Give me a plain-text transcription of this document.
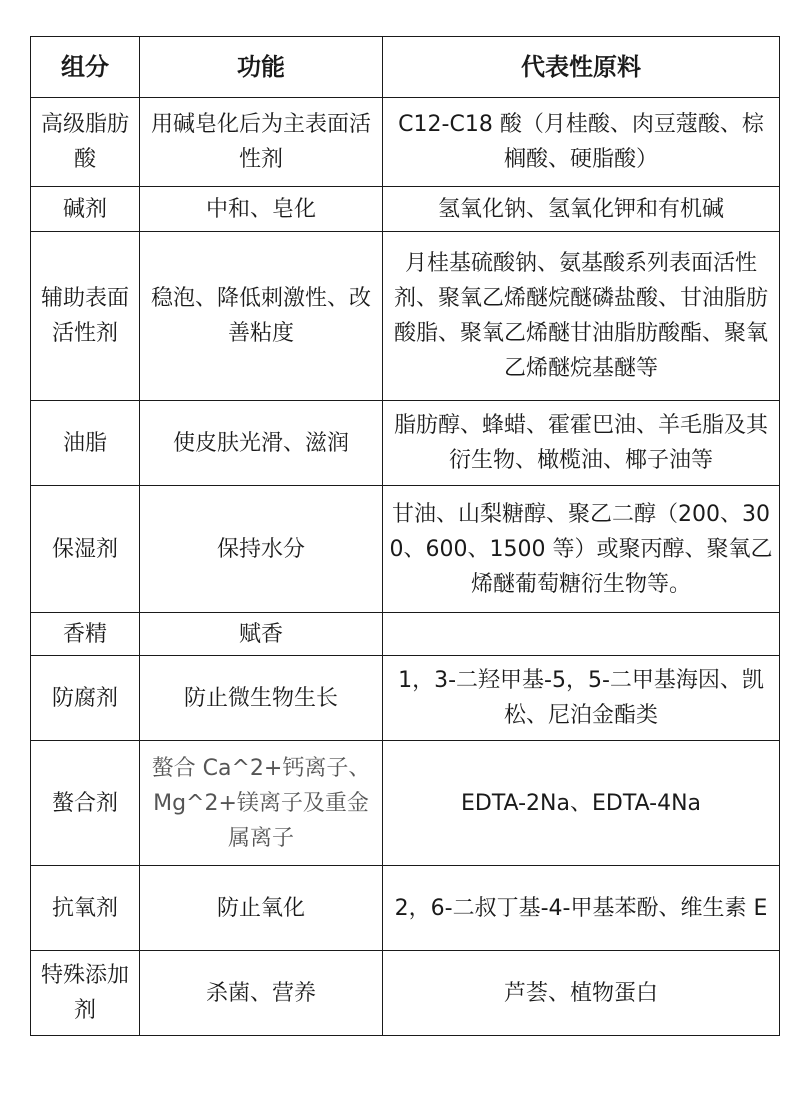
组分	功能	代表性原料
高级脂肪酸	用碱皂化后为主表面活性剂	C12-C18 酸（月桂酸、肉豆蔻酸、棕榈酸、硬脂酸）
碱剂	中和、皂化	氢氧化钠、氢氧化钾和有机碱
辅助表面活性剂	稳泡、降低刺激性、改善粘度	月桂基硫酸钠、氨基酸系列表面活性剂、聚氧乙烯醚烷醚磷盐酸、甘油脂肪酸脂、聚氧乙烯醚甘油脂肪酸酯、聚氧乙烯醚烷基醚等
油脂	使皮肤光滑、滋润	脂肪醇、蜂蜡、霍霍巴油、羊毛脂及其衍生物、橄榄油、椰子油等
保湿剂	保持水分	甘油、山梨糖醇、聚乙二醇（200、300、600、1500 等）或聚丙醇、聚氧乙烯醚葡萄糖衍生物等。
香精	赋香	
防腐剂	防止微生物生长	1，3-二羟甲基-5，5-二甲基海因、凯松、尼泊金酯类
螯合剂	螯合 Ca^2+钙离子、Mg^2+镁离子及重金属离子	EDTA-2Na、EDTA-4Na
抗氧剂	防止氧化	2，6-二叔丁基-4-甲基苯酚、维生素 E
特殊添加剂	杀菌、营养	芦荟、植物蛋白
